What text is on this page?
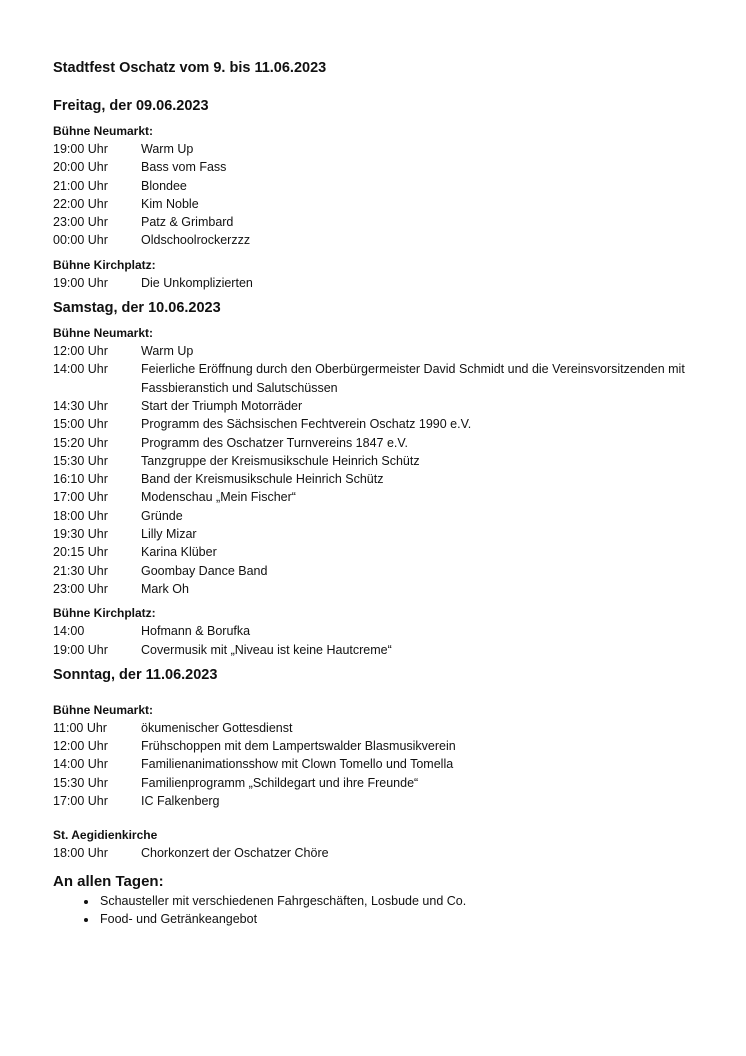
Stadtfest Oschatz vom 9. bis 11.06.2023
Freitag, der 09.06.2023
Bühne Neumarkt:
19:00 Uhr	Warm Up
20:00 Uhr	Bass vom Fass
21:00 Uhr	Blondee
22:00 Uhr	Kim Noble
23:00 Uhr	Patz & Grimbard
00:00 Uhr	Oldschoolrockerzzz
Bühne Kirchplatz:
19:00 Uhr	Die Unkomplizierten
Samstag, der 10.06.2023
Bühne Neumarkt:
12:00 Uhr	Warm Up
14:00 Uhr	Feierliche Eröffnung durch den Oberbürgermeister David Schmidt und die Vereinsvorsitzenden mit Fassbieranstich und Salutschüssen
14:30 Uhr	Start der Triumph Motorräder
15:00 Uhr	Programm des Sächsischen Fechtverein Oschatz 1990 e.V.
15:20 Uhr	Programm des Oschatzer Turnvereins 1847 e.V.
15:30 Uhr	Tanzgruppe der Kreismusikschule Heinrich Schütz
16:10 Uhr	Band der Kreismusikschule Heinrich Schütz
17:00 Uhr	Modenschau „Mein Fischer“
18:00 Uhr	Gründe
19:30 Uhr	Lilly Mizar
20:15 Uhr	Karina Klüber
21:30 Uhr	Goombay Dance Band
23:00 Uhr	Mark Oh
Bühne Kirchplatz:
14:00	Hofmann & Borufka
19:00 Uhr	Covermusik mit „Niveau ist keine Hautcreme“
Sonntag, der 11.06.2023
Bühne Neumarkt:
11:00 Uhr	ökumenischer Gottesdienst
12:00 Uhr	Frühschoppen mit dem Lampertswalder Blasmusikverein
14:00 Uhr	Familienanimationsshow mit Clown Tomello und Tomella
15:30 Uhr	Familienprogramm „Schildegart und ihre Freunde“
17:00 Uhr	IC Falkenberg
St. Aegidienkirche
18:00 Uhr	Chorkonzert der Oschatzer Chöre
An allen Tagen:
• Schausteller mit verschiedenen Fahrgeschäften, Losbude und Co.
• Food- und Getränkeangebot
